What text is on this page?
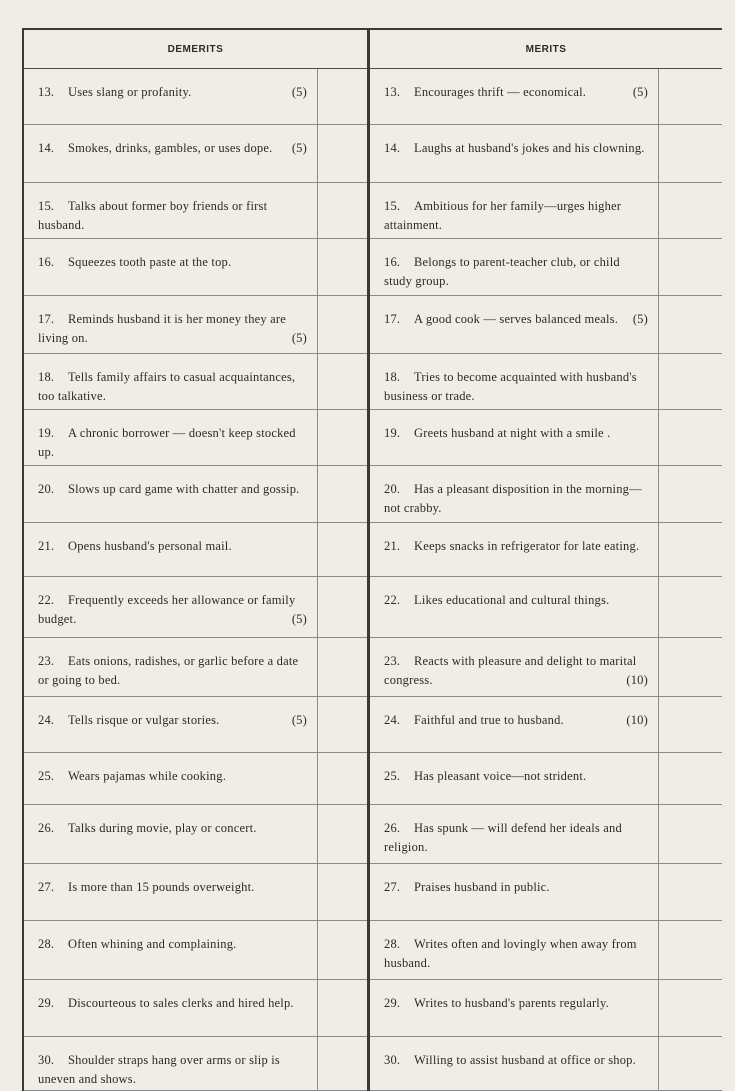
DEMERITS
13. Uses slang or profanity.	(5)
14. Smokes, drinks, gambles, or uses dope. (5)
15. Talks about former boy friends or first husband.
16. Squeezes tooth paste at the top.
17. Reminds husband it is her money they are living on.	(5)
18. Tells family affairs to casual acquaintances, too talkative.
19. A chronic borrower — doesn't keep stocked up.
20. Slows up card game with chatter and gossip.
21. Opens husband's personal mail.
22. Frequently exceeds her allowance or family budget.	(5)
23. Eats onions, radishes, or garlic before a date or going to bed.
24. Tells risque or vulgar stories.	(5)
25. Wears pajamas while cooking.
26. Talks during movie, play or concert.
27. Is more than 15 pounds overweight.
28. Often whining and complaining.
29. Discourteous to sales clerks and hired help.
30. Shoulder straps hang over arms or slip is uneven and shows.
MERITS
13. Encourages thrift — economical.	(5)
14. Laughs at husband's jokes and his clowning.
15. Ambitious for her family—urges higher attainment.
16. Belongs to parent-teacher club, or child study group.
17. A good cook — serves balanced meals. (5)
18. Tries to become acquainted with husband's business or trade.
19. Greets husband at night with a smile .
20. Has a pleasant disposition in the morning—not crabby.
21. Keeps snacks in refrigerator for late eating.
22. Likes educational and cultural things.
23. Reacts with pleasure and delight to marital congress.	(10)
24. Faithful and true to husband.	(10)
25. Has pleasant voice—not strident.
26. Has spunk — will defend her ideals and religion.
27. Praises husband in public.
28. Writes often and lovingly when away from husband.
29. Writes to husband's parents regularly.
30. Willing to assist husband at office or shop.
